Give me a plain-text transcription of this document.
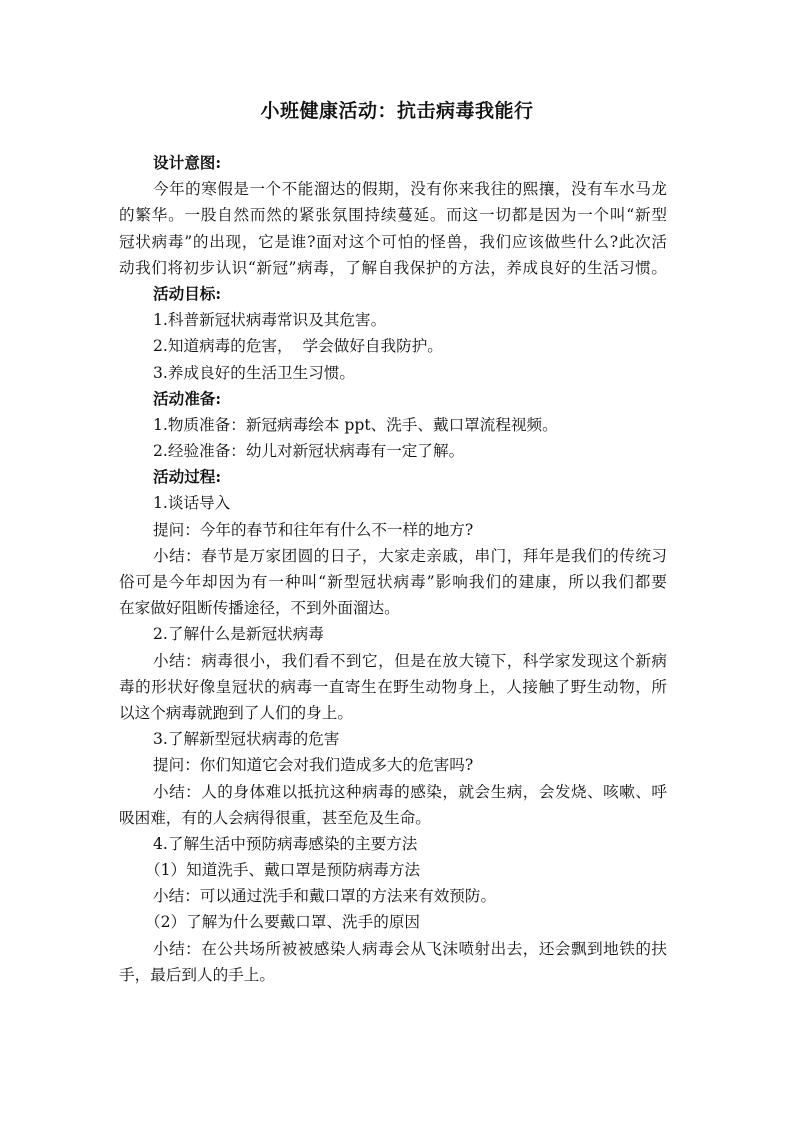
小班健康活动：抗击病毒我能行
设计意图:
今年的寒假是一个不能溜达的假期，没有你来我往的熙攘，没有车水马龙
的繁华。一股自然而然的紧张氛围持续蔓延。而这一切都是因为一个叫“新型
冠状病毒”的出现，它是谁?面对这个可怕的怪兽，我们应该做些什么?此次活
动我们将初步认识“新冠”病毒，了解自我保护的方法，养成良好的生活习惯。
活动目标:
1.科普新冠状病毒常识及其危害。
2.知道病毒的危害，  学会做好自我防护。
3.养成良好的生活卫生习惯。
活动准备:
1.物质准备：新冠病毒绘本 ppt、洗手、戴口罩流程视频。
2.经验准备：幼儿对新冠状病毒有一定了解。
活动过程:
1.谈话导入
提问：今年的春节和往年有什么不一样的地方?
小结：春节是万家团圆的日子，大家走亲戚，串门，拜年是我们的传统习
俗可是今年却因为有一种叫“新型冠状病毒”影响我们的建康，所以我们都要
在家做好阻断传播途径，不到外面溜达。
2.了解什么是新冠状病毒
小结：病毒很小，我们看不到它，但是在放大镜下，科学家发现这个新病
毒的形状好像皇冠状的病毒一直寄生在野生动物身上，人接触了野生动物，所
以这个病毒就跑到了人们的身上。
3.了解新型冠状病毒的危害
提问：你们知道它会对我们造成多大的危害吗?
小结：人的身体难以抵抗这种病毒的感染，就会生病，会发烧、咳嗽、呼
吸困难，有的人会病得很重，甚至危及生命。
4.了解生活中预防病毒感染的主要方法
（1）知道洗手、戴口罩是预防病毒方法
小结：可以通过洗手和戴口罩的方法来有效预防。
（2）了解为什么要戴口罩、洗手的原因
小结：在公共场所被被感染人病毒会从飞沫喷射出去，还会飘到地铁的扶
手，最后到人的手上。
